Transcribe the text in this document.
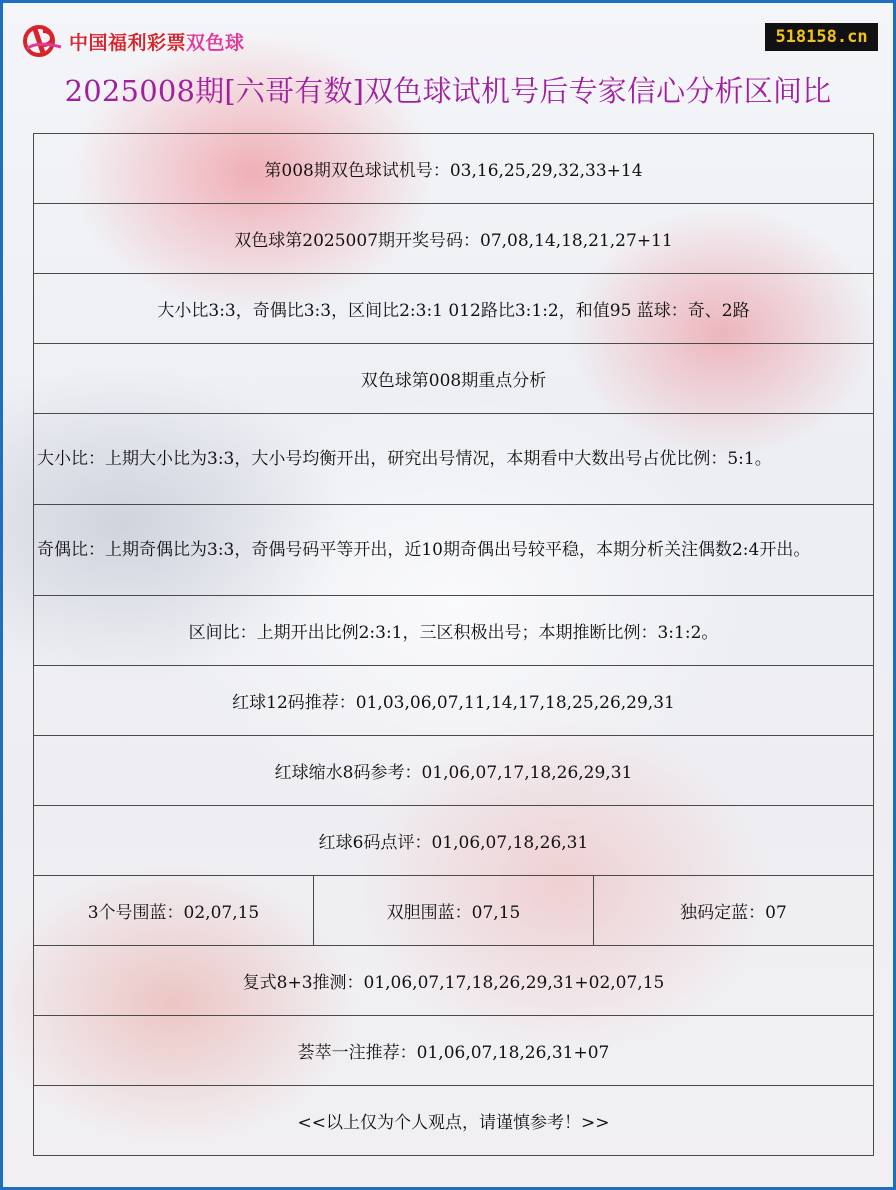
中国福利彩票双色球	518158.cn
2025008期[六哥有数]双色球试机号后专家信心分析区间比
第008期双色球试机号：03,16,25,29,32,33+14
双色球第2025007期开奖号码：07,08,14,18,21,27+11
大小比3:3，奇偶比3:3，区间比2:3:1 012路比3:1:2，和值95 蓝球：奇、2路
双色球第008期重点分析
大小比：上期大小比为3:3，大小号均衡开出，研究出号情况，本期看中大数出号占优比例：5:1。
奇偶比：上期奇偶比为3:3，奇偶号码平等开出，近10期奇偶出号较平稳，本期分析关注偶数2:4开出。
区间比：上期开出比例2:3:1，三区积极出号；本期推断比例：3:1:2。
红球12码推荐：01,03,06,07,11,14,17,18,25,26,29,31
红球缩水8码参考：01,06,07,17,18,26,29,31
红球6码点评：01,06,07,18,26,31
3个号围蓝：02,07,15	双胆围蓝：07,15	独码定蓝：07
复式8+3推测：01,06,07,17,18,26,29,31+02,07,15
荟萃一注推荐：01,06,07,18,26,31+07
<<以上仅为个人观点，请谨慎参考！>>
